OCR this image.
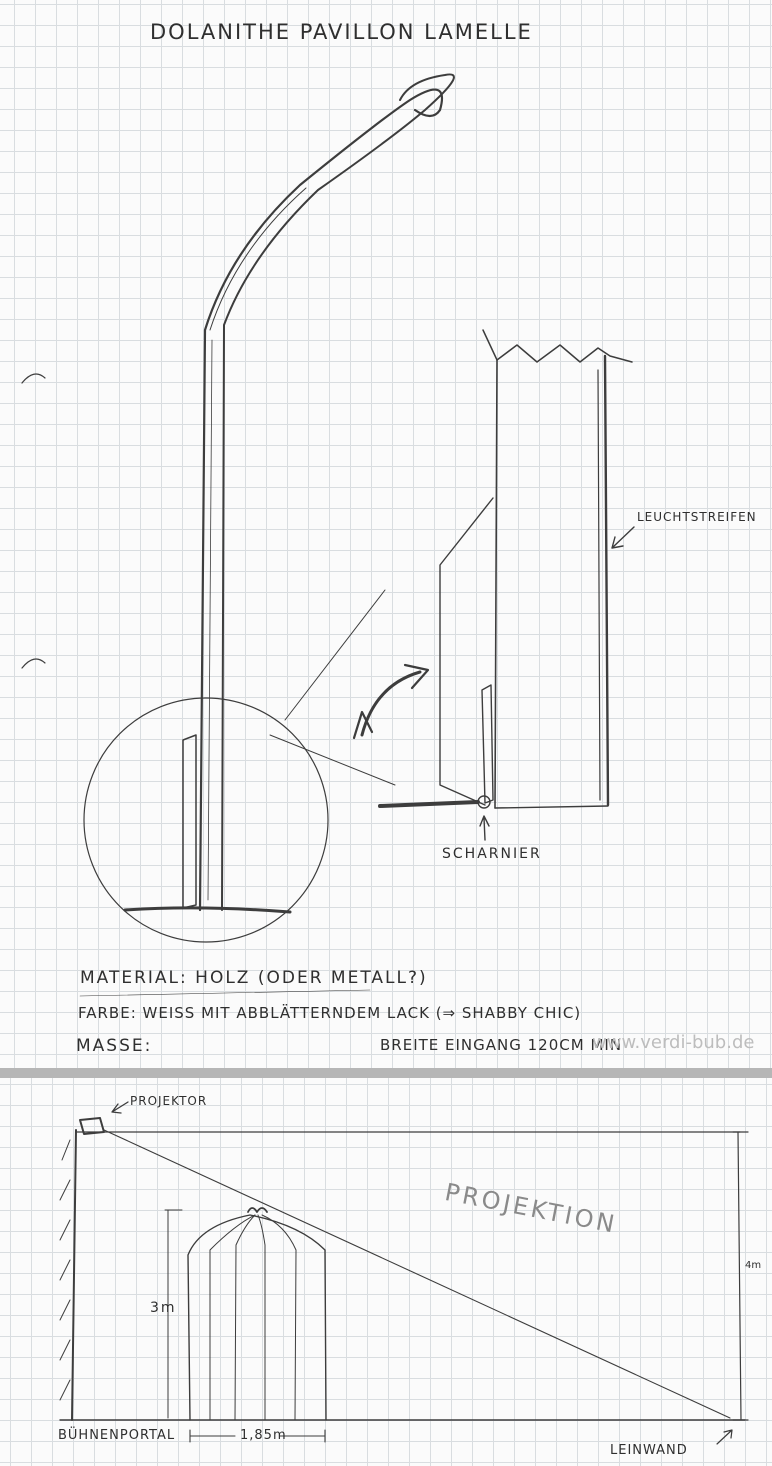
DOLANITHE PAVILLON LAMELLE
LEUCHTSTREIFEN
SCHARNIER
MATERIAL: HOLZ (ODER METALL?)
FARBE: WEISS MIT ABBLÄTTERNDEM LACK (⇒ SHABBY CHIC)
MASSE:	BREITE EINGANG 120CM MIN
www.verdi-bub.de
PROJEKTOR
PROJEKTION
3m
4m
1,85m
BÜHNENPORTAL
LEINWAND
